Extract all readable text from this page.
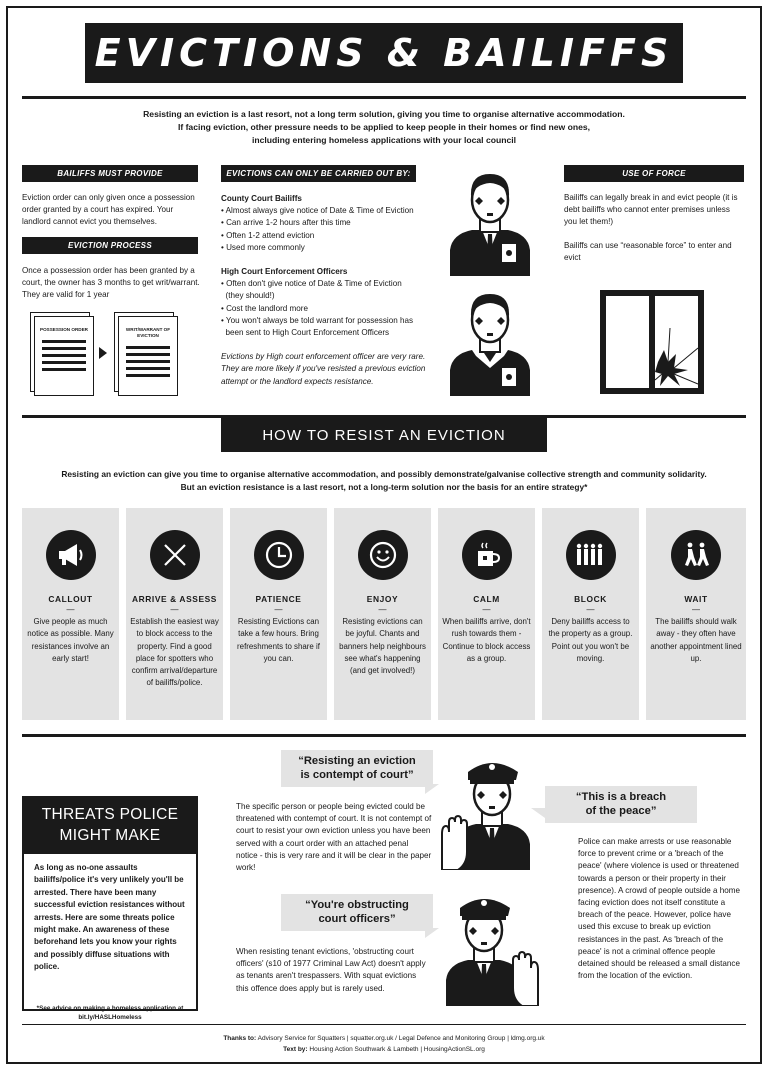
EVICTIONS & BAILIFFS
Resisting an eviction is a last resort, not a long term solution, giving you time to organise alternative accommodation.
If facing eviction, other pressure needs to be applied to keep people in their homes or find new ones,
including entering homeless applications with your local council
BAILIFFS MUST PROVIDE
Eviction order can only given once a possession order granted by a court has expired. Your landlord cannot evict you themselves.
EVICTION PROCESS
Once a possession order has been granted by a court, the owner has 3 months to get writ/warrant. They are valid for 1 year
POSSESSION ORDER	WRIT/WARRANT OF EVICTION
EVICTIONS CAN ONLY BE CARRIED OUT BY:
County Court Bailiffs
• Almost always give notice of Date & Time of Eviction
• Can arrive 1-2 hours after this time
• Often 1-2 attend eviction
• Used more commonly
High Court Enforcement Officers
• Often don't give notice of Date & Time of Eviction
(they should!)
• Cost the landlord more
• You won't always be told warrant for possession has
been sent to High Court Enforcement Officers
Evictions by High court enforcement officer are very rare. They are more likely if you've resisted a previous eviction attempt or the landlord expects resistance.
USE OF FORCE
Bailiffs can legally break in and evict people (it is debt bailiffs who cannot enter premises unless you let them!)
Bailiffs can use “reasonable force” to enter and evict
HOW TO RESIST AN EVICTION
Resisting an eviction can give you time to organise alternative accommodation, and possibly demonstrate/galvanise collective strength and community solidarity.
But an eviction resistance is a last resort, not a long-term solution nor the basis for an entire strategy*
CALLOUT
—
Give people as much notice as possible. Many resistances involve an early start!
ARRIVE & ASSESS
—
Establish the easiest way to block access to the property. Find a good place for spotters who confirm arrival/departure of bailiffs/police.
PATIENCE
—
Resisting Evictions can take a few hours. Bring refreshments to share if you can.
ENJOY
—
Resisting evictions can be joyful. Chants and banners help neighbours see what's happening (and get involved!)
CALM
—
When bailiffs arrive, don't rush towards them - Continue to block access as a group.
BLOCK
—
Deny bailiffs access to the property as a group. Point out you won't be moving.
WAIT
—
The bailiffs should walk away - they often have another appointment lined up.
THREATS POLICE
MIGHT MAKE
As long as no-one assaults bailiffs/police it's very unlikely you'll be arrested. There have been many successful eviction resistances without arrests. Here are some threats police might make. An awareness of these beforehand lets you know your rights and possibly diffuse situations with police.
*See advice on making a homeless application at bit.ly/HASLHomeless
“Resisting an eviction
is contempt of court”
The specific person or people being evicted could be threatened with contempt of court. It is not contempt of court to resist your own eviction unless you have been served with a court order with an attached penal notice - this is very rare and it will be clear in the paper work!
“This is a breach
of the peace”
Police can make arrests or use reasonable force to prevent crime or a 'breach of the peace' (where violence is used or threatened towards a person or their property in their presence). A crowd of people outside a home facing eviction does not itself constitute a breach of the peace. However, police have used this excuse to break up eviction resistances in the past. As 'breach of the peace' is not a criminal offence people detained should be released a small distance from the location of the eviction.
“You're obstructing
court officers”
When resisting tenant evictions, 'obstructing court officers' (s10 of 1977 Criminal Law Act) doesn't apply as tenants aren't trespassers. With squat evictions this offence does apply but is rarely used.
Thanks to: Advisory Service for Squatters | squatter.org.uk / Legal Defence and Monitoring Group | ldmg.org.uk
Text by: Housing Action Southwark & Lambeth | HousingActionSL.org
